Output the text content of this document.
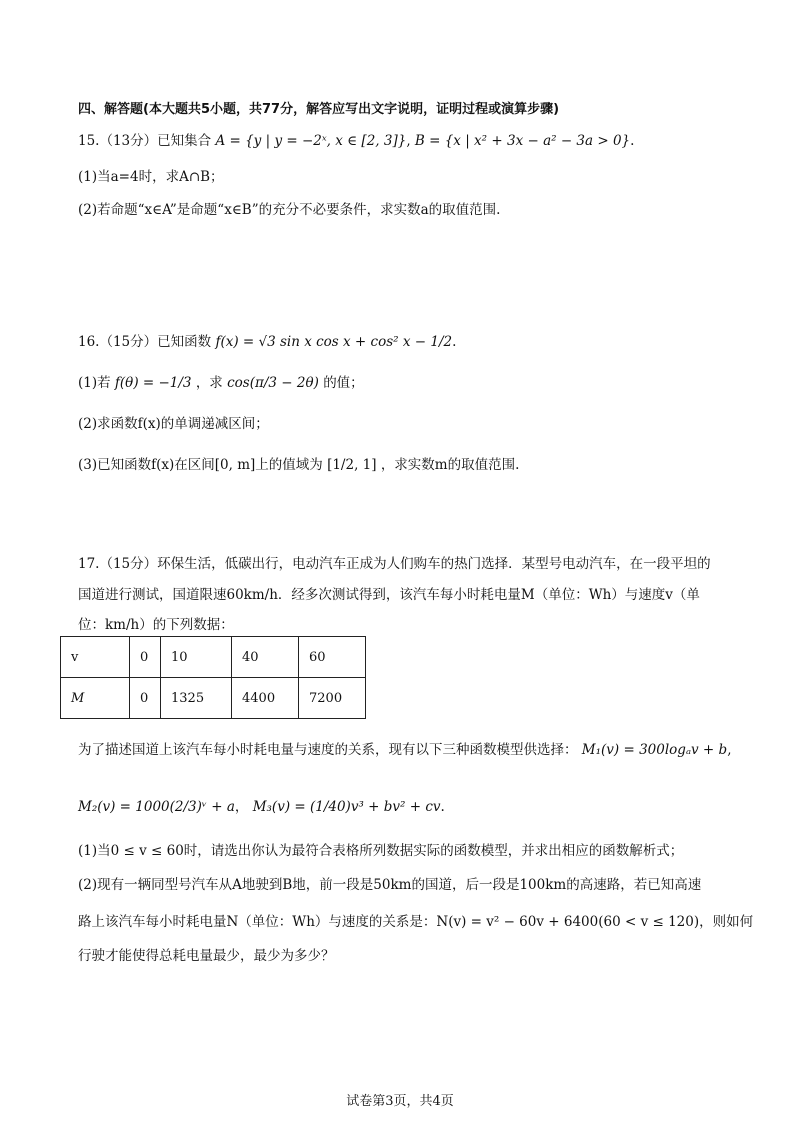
四、解答题(本大题共5小题，共77分，解答应写出文字说明，证明过程或演算步骤)
15.（13分）已知集合 A = {y | y = −2ˣ, x ∈ [2, 3]}, B = {x | x² + 3x − a² − 3a > 0}.
(1)当a=4时，求A∩B；
(2)若命题“x∈A”是命题“x∈B”的充分不必要条件，求实数a的取值范围.
16.（15分）已知函数 f(x) = √3 sin x cos x + cos² x − 1/2.
(1)若 f(θ) = −1/3 ，求 cos(π/3 − 2θ) 的值；
(2)求函数f(x)的单调递减区间；
(3)已知函数f(x)在区间[0, m]上的值域为 [1/2, 1] ，求实数m的取值范围.
17.（15分）环保生活，低碳出行，电动汽车正成为人们购车的热门选择．某型号电动汽车，在一段平坦的
国道进行测试，国道限速60km/h．经多次测试得到，该汽车每小时耗电量M（单位：Wh）与速度v（单
位：km/h）的下列数据：
v	0	10	40	60
M	0	1325	4400	7200
为了描述国道上该汽车每小时耗电量与速度的关系，现有以下三种函数模型供选择： M₁(v) = 300logₐv + b,
M₂(v) = 1000(2/3)ᵛ + a， M₃(v) = (1/40)v³ + bv² + cv.
(1)当0 ≤ v ≤ 60时，请选出你认为最符合表格所列数据实际的函数模型，并求出相应的函数解析式；
(2)现有一辆同型号汽车从A地驶到B地，前一段是50km的国道，后一段是100km的高速路，若已知高速
路上该汽车每小时耗电量N（单位：Wh）与速度的关系是：N(v) = v² − 60v + 6400(60 < v ≤ 120)，则如何
行驶才能使得总耗电量最少，最少为多少？
试卷第3页，共4页
